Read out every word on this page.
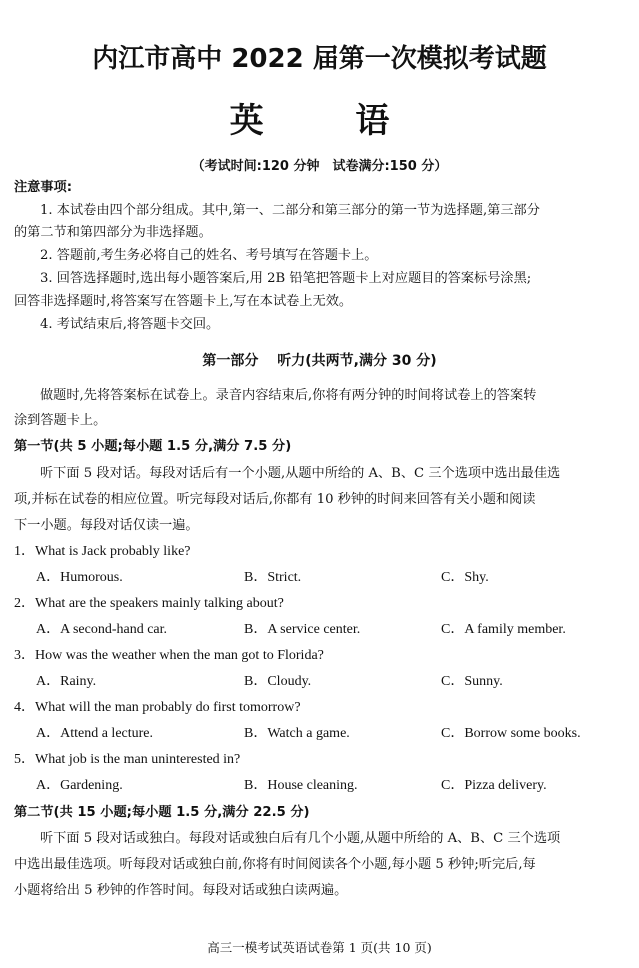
内江市高中 2022 届第一次模拟考试题
英 语
（考试时间:120 分钟　试卷满分:150 分）
注意事项:
1. 本试卷由四个部分组成。其中,第一、二部分和第三部分的第一节为选择题,第三部分
的第二节和第四部分为非选择题。
2. 答题前,考生务必将自己的姓名、考号填写在答题卡上。
3. 回答选择题时,选出每小题答案后,用 2B 铅笔把答题卡上对应题目的答案标号涂黑;
回答非选择题时,将答案写在答题卡上,写在本试卷上无效。
4. 考试结束后,将答题卡交回。
第一部分　 听力(共两节,满分 30 分)
做题时,先将答案标在试卷上。录音内容结束后,你将有两分钟的时间将试卷上的答案转
涂到答题卡上。
第一节(共 5 小题;每小题 1.5 分,满分 7.5 分)
听下面 5 段对话。每段对话后有一个小题,从题中所给的 A、B、C 三个选项中选出最佳选
项,并标在试卷的相应位置。听完每段对话后,你都有 10 秒钟的时间来回答有关小题和阅读
下一小题。每段对话仅读一遍。
1．What is Jack probably like?
A．Humorous.	B．Strict.	C．Shy.
2．What are the speakers mainly talking about?
A．A second-hand car.	B．A service center.	C．A family member.
3．How was the weather when the man got to Florida?
A．Rainy.	B．Cloudy.	C．Sunny.
4．What will the man probably do first tomorrow?
A．Attend a lecture.	B．Watch a game.	C．Borrow some books.
5．What job is the man uninterested in?
A．Gardening.	B．House cleaning.	C．Pizza delivery.
第二节(共 15 小题;每小题 1.5 分,满分 22.5 分)
听下面 5 段对话或独白。每段对话或独白后有几个小题,从题中所给的 A、B、C 三个选项
中选出最佳选项。听每段对话或独白前,你将有时间阅读各个小题,每小题 5 秒钟;听完后,每
小题将给出 5 秒钟的作答时间。每段对话或独白读两遍。
高三一模考试英语试卷第 1 页(共 10 页)
